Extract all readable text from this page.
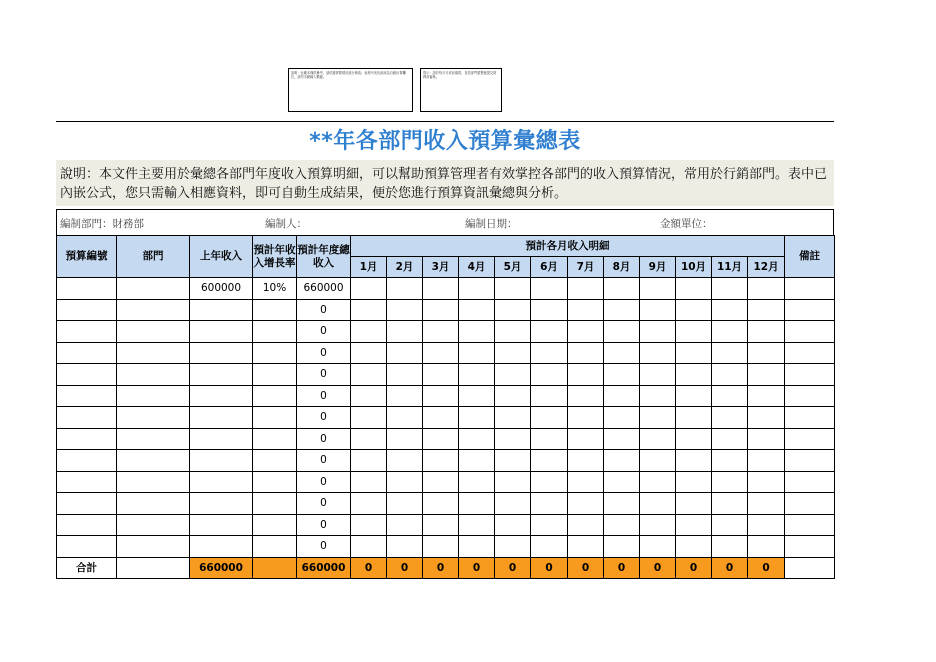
說明：此範本僅供參考，請依據實際情況進行修改；表格中灰色區域為自動計算欄位，請勿手動輸入數據。
提示：請於每月月底前填寫，並依部門彙整後提交財務部審核。
**年各部門收入預算彙總表
說明：本文件主要用於彙總各部門年度收入預算明細，可以幫助預算管理者有效掌控各部門的收入預算情況，常用於行銷部門。表中已內嵌公式，您只需輸入相應資料，即可自動生成結果，便於您進行預算資訊彙總與分析。
編制部門：財務部	編制人：	編制日期：	金額單位：
預算編號	部門	上年收入	預計年收入增長率	預計年度總收入	預計各月收入明細												備註
					1月	2月	3月	4月	5月	6月	7月	8月	9月	10月	11月	12月	
		600000	10%	660000													
				0													
				0													
				0													
				0													
				0													
				0													
				0													
				0													
				0													
				0													
				0													
				0													
合計		660000		660000	0	0	0	0	0	0	0	0	0	0	0	0	
